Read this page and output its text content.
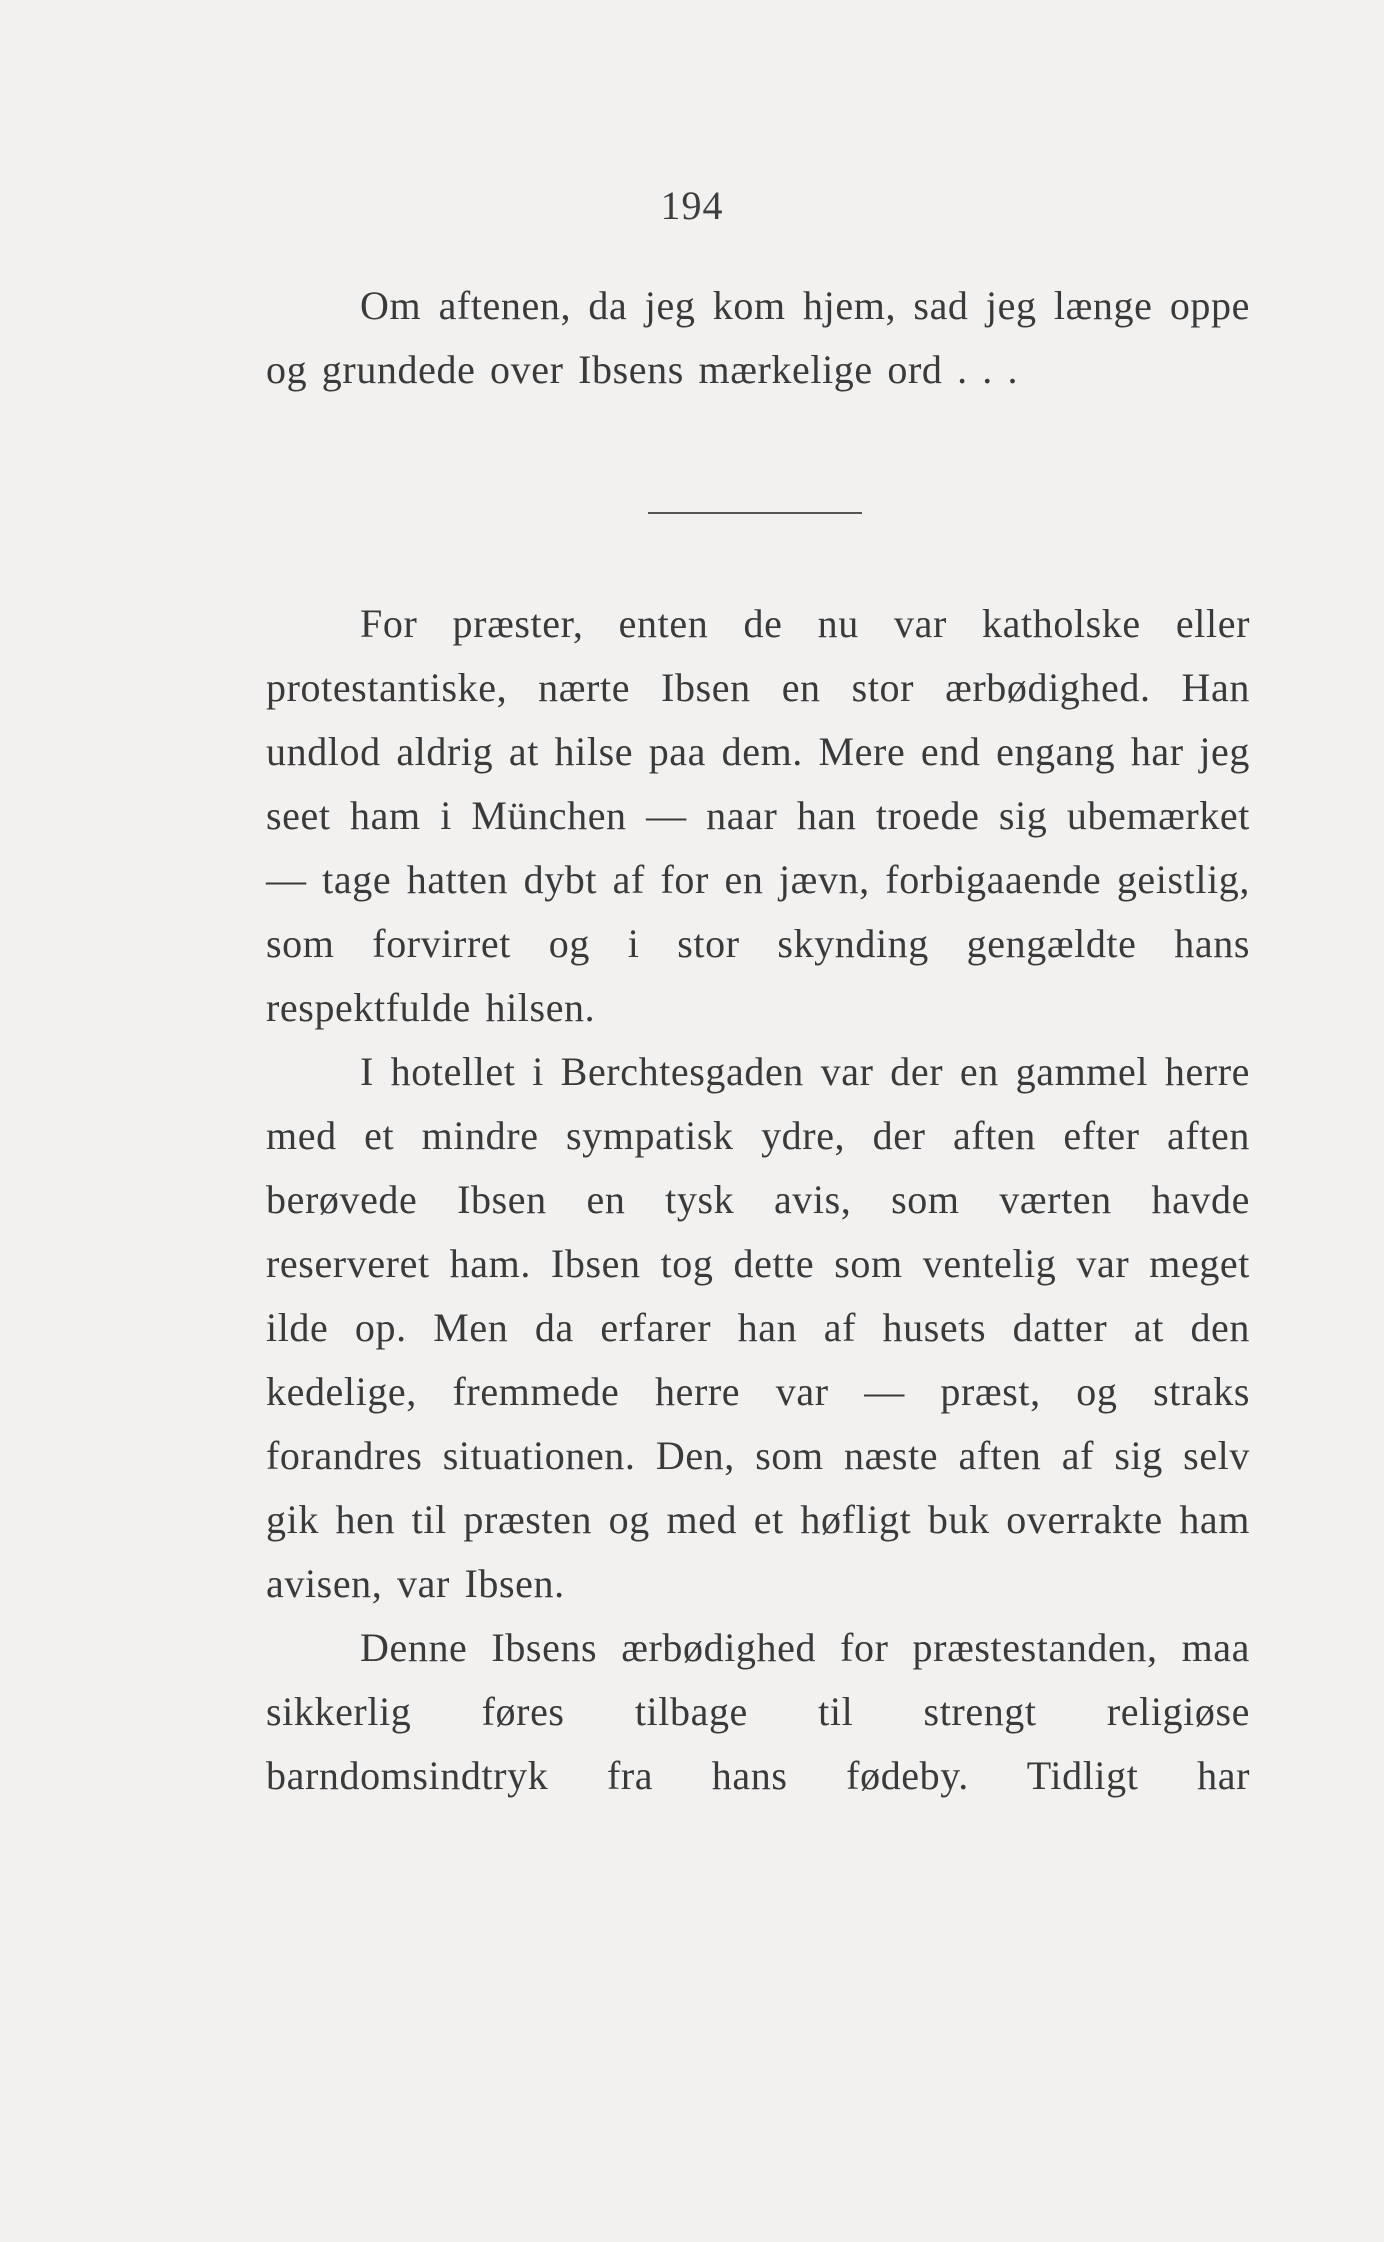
194

Om aftenen, da jeg kom hjem, sad jeg længe oppe og grundede over Ibsens mærkelige ord . . .

For præster, enten de nu var katholske eller protestantiske, nærte Ibsen en stor ærbødighed. Han undlod aldrig at hilse paa dem. Mere end engang har jeg seet ham i München — naar han troede sig ubemærket — tage hatten dybt af for en jævn, forbigaaende geistlig, som forvirret og i stor skynding gengældte hans respektfulde hilsen.

I hotellet i Berchtesgaden var der en gammel herre med et mindre sympatisk ydre, der aften efter aften berøvede Ibsen en tysk avis, som værten havde reserveret ham. Ibsen tog dette som ventelig var meget ilde op. Men da erfarer han af husets datter at den kedelige, fremmede herre var — præst, og straks forandres situationen. Den, som næste aften af sig selv gik hen til præsten og med et høfligt buk overrakte ham avisen, var Ibsen.

Denne Ibsens ærbødighed for præstestanden, maa sikkerlig føres tilbage til strengt religiøse barndomsindtryk fra hans fødeby. Tidligt har
